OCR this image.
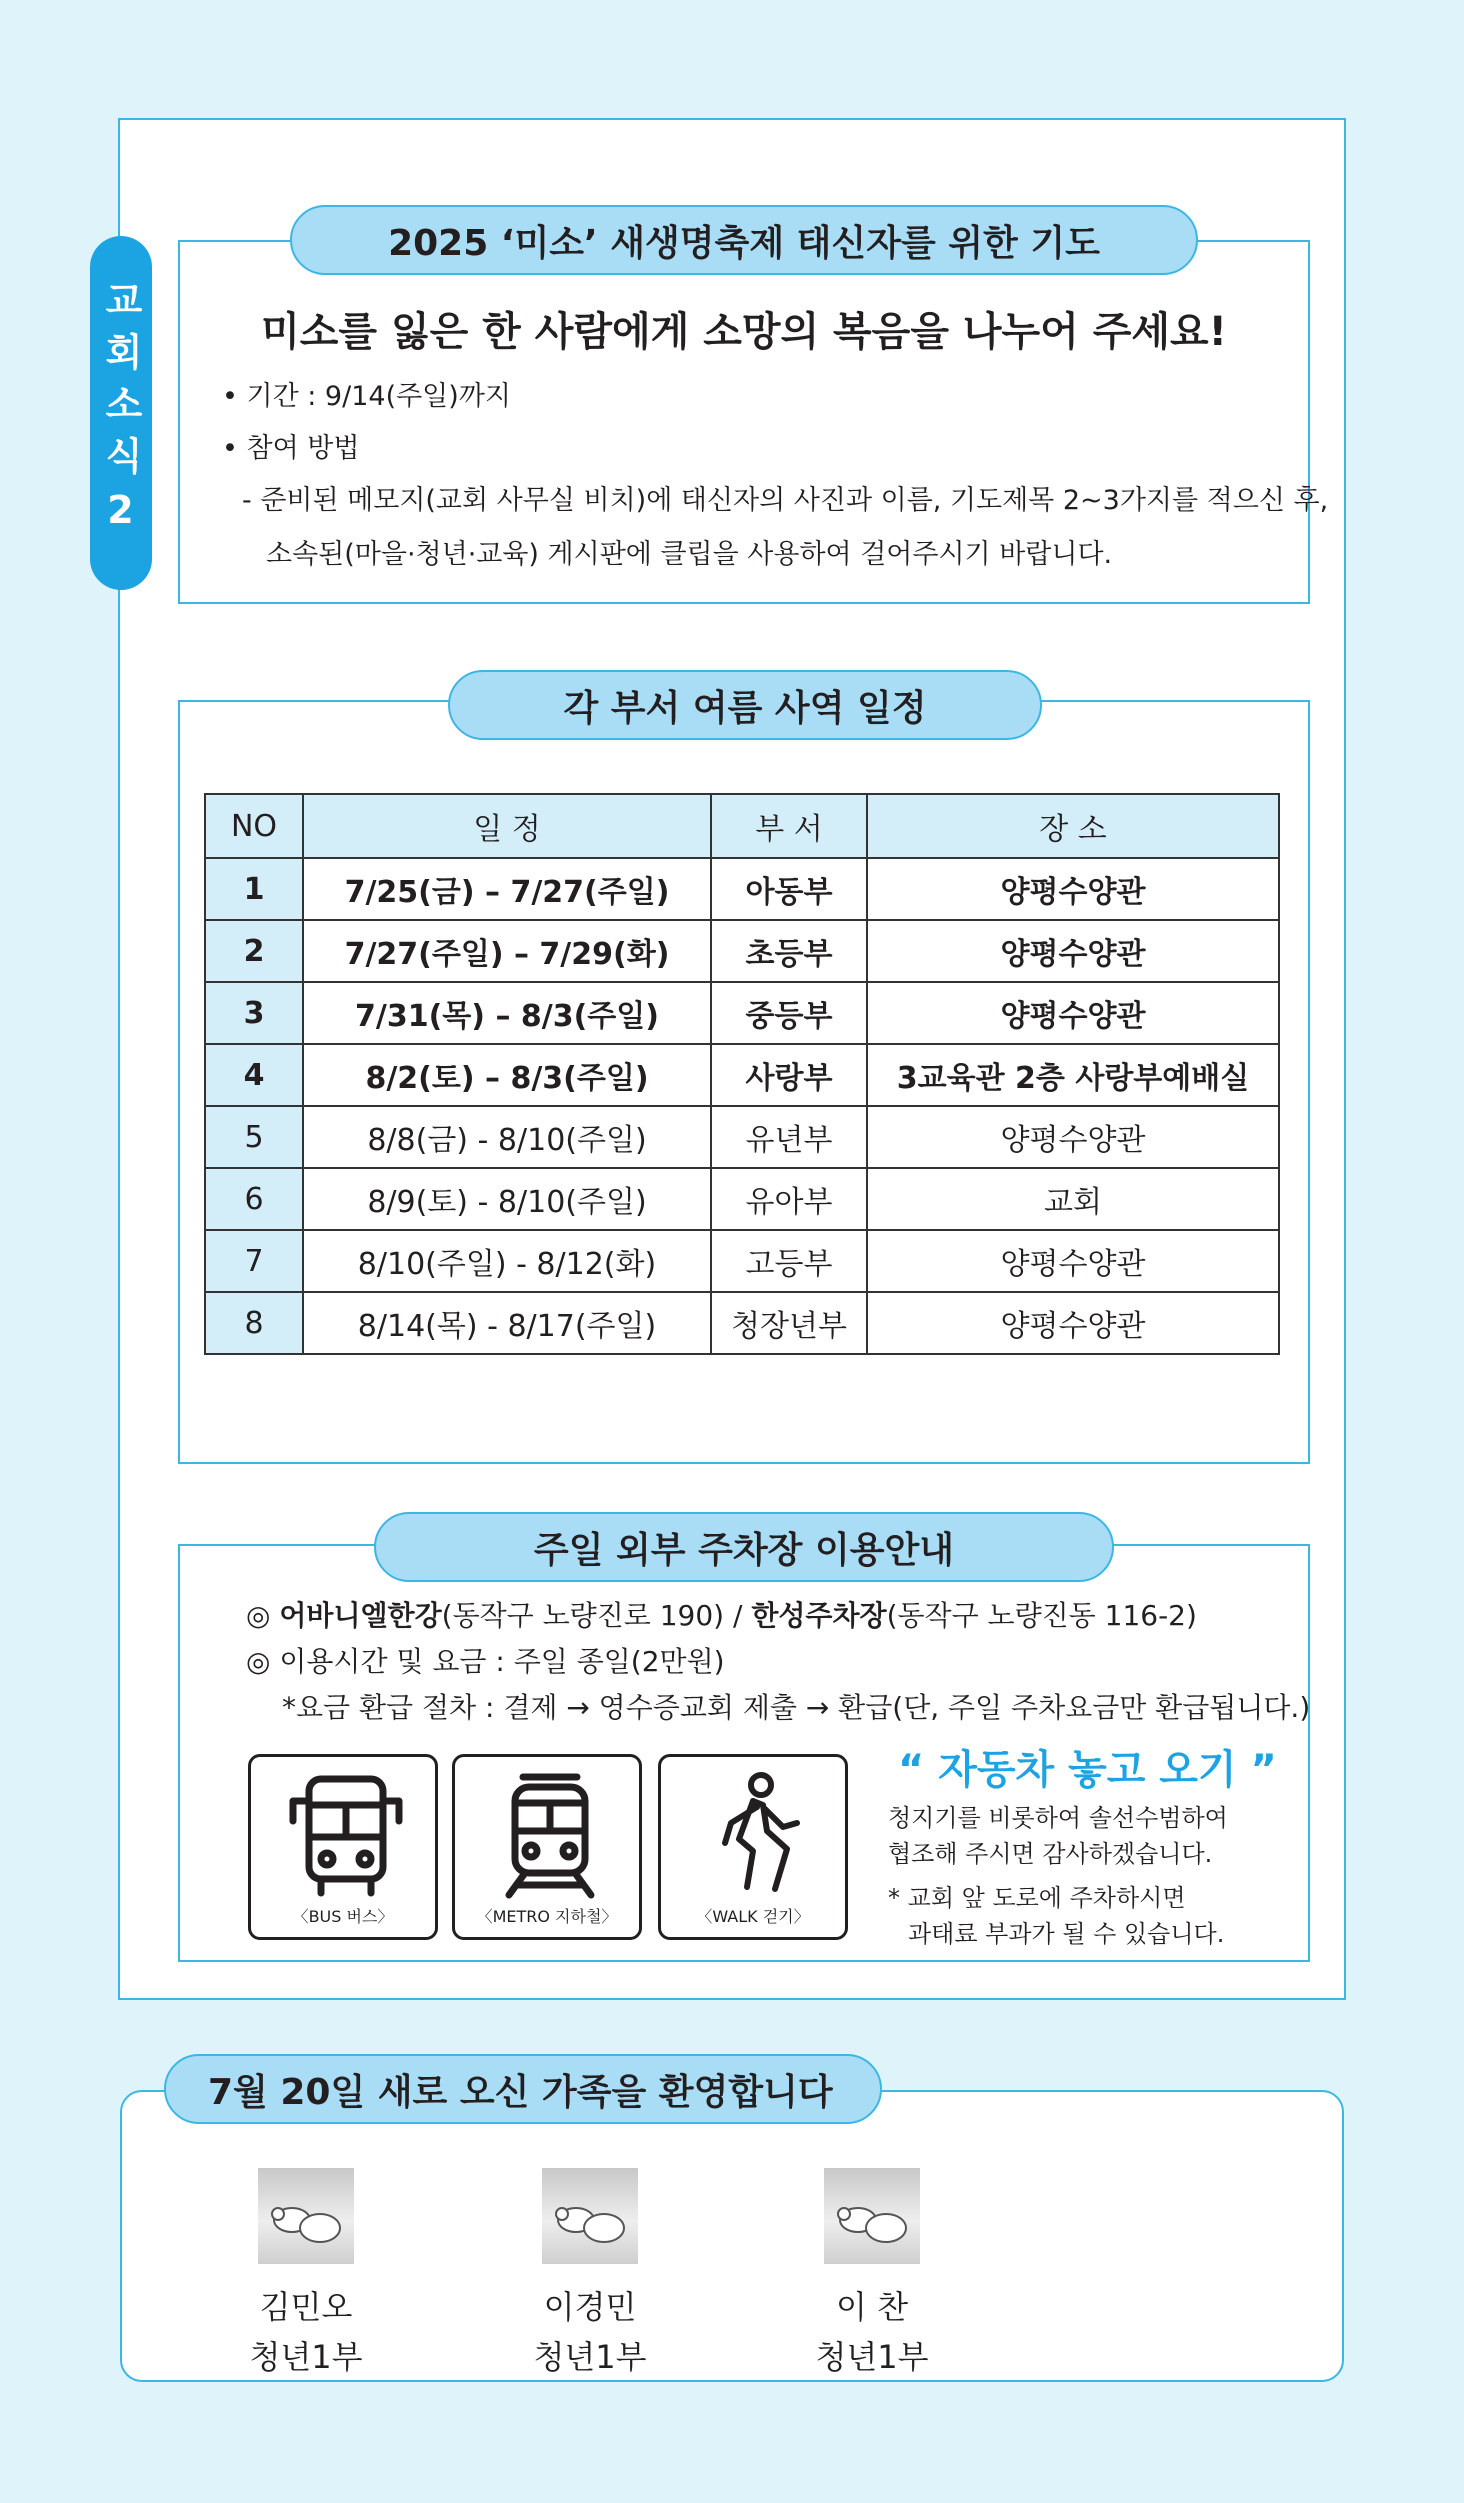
교회소식2
2025 ‘미소’ 새생명축제 태신자를 위한 기도
미소를 잃은 한 사람에게 소망의 복음을 나누어 주세요!
• 기간 : 9/14(주일)까지
• 참여 방법
- 준비된 메모지(교회 사무실 비치)에 태신자의 사진과 이름, 기도제목 2~3가지를 적으신 후,
소속된(마을·청년·교육) 게시판에 클립을 사용하여 걸어주시기 바랍니다.
각 부서 여름 사역 일정
NO	일 정	부 서	장 소
1	7/25(금) – 7/27(주일)	아동부	양평수양관
2	7/27(주일) – 7/29(화)	초등부	양평수양관
3	7/31(목) – 8/3(주일)	중등부	양평수양관
4	8/2(토) – 8/3(주일)	사랑부	3교육관 2층 사랑부예배실
5	8/8(금) - 8/10(주일)	유년부	양평수양관
6	8/9(토) - 8/10(주일)	유아부	교회
7	8/10(주일) - 8/12(화)	고등부	양평수양관
8	8/14(목) - 8/17(주일)	청장년부	양평수양관
주일 외부 주차장 이용안내
◎ 어바니엘한강(동작구 노량진로 190) / 한성주차장(동작구 노량진동 116-2)
◎ 이용시간 및 요금 : 주일 종일(2만원)
*요금 환급 절차 : 결제 → 영수증교회 제출 → 환급(단, 주일 주차요금만 환급됩니다.)
〈BUS 버스〉	〈METRO 지하철〉	〈WALK 걷기〉
“ 자동차 놓고 오기 ”
청지기를 비롯하여 솔선수범하여
협조해 주시면 감사하겠습니다.
* 교회 앞 도로에 주차하시면
과태료 부과가 될 수 있습니다.
7월 20일 새로 오신 가족을 환영합니다
김민오
청년1부
이경민
청년1부
이 찬
청년1부
